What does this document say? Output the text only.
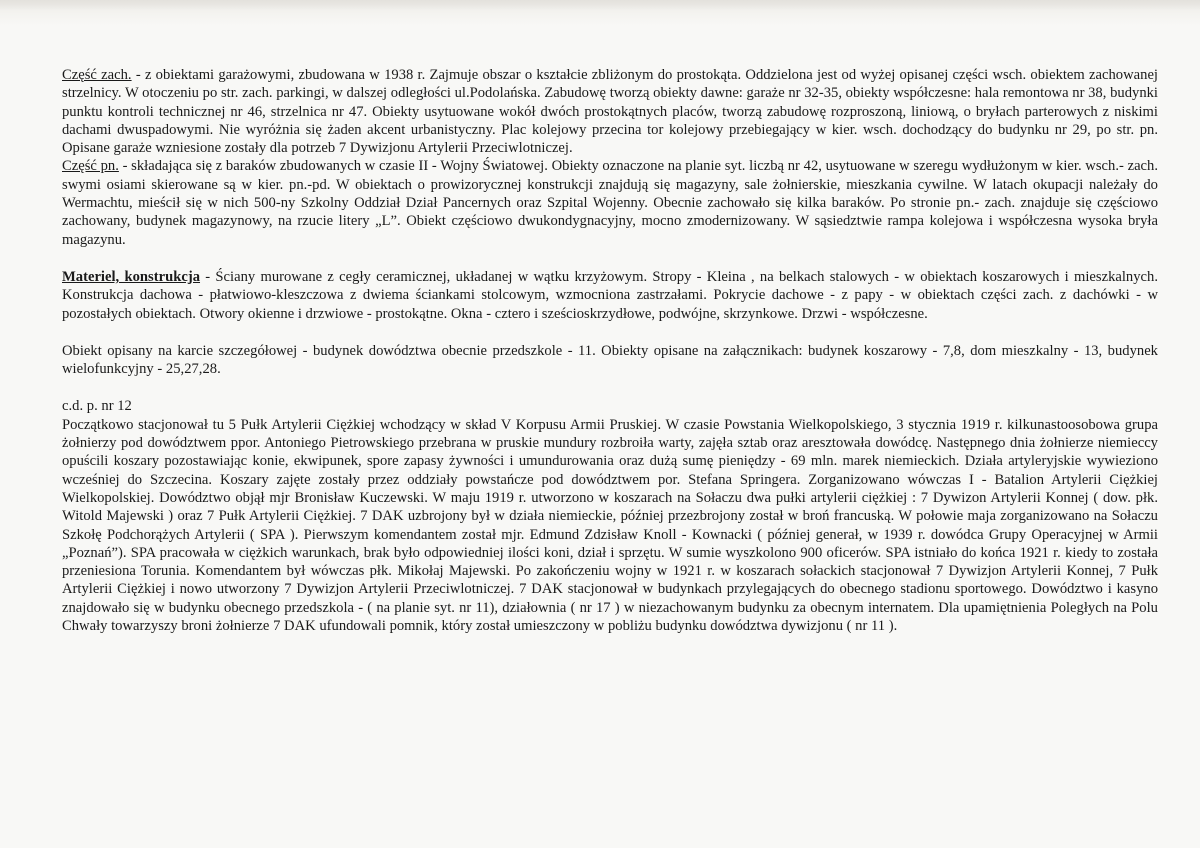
Część zach. - z obiektami garażowymi, zbudowana w 1938 r. Zajmuje obszar o kształcie zbliżonym do prostokąta. Oddzielona jest od wyżej opisanej części wsch. obiektem zachowanej strzelnicy. W otoczeniu po str. zach. parkingi, w dalszej odległości ul.Podolańska. Zabudowę tworzą obiekty dawne: garaże nr 32-35, obiekty współczesne: hala remontowa nr 38, budynki punktu kontroli technicznej nr 46, strzelnica nr 47. Obiekty usytuowane wokół dwóch prostokątnych placów, tworzą zabudowę rozproszoną, liniową, o bryłach parterowych z niskimi dachami dwuspadowymi. Nie wyróżnia się żaden akcent urbanistyczny. Plac kolejowy przecina tor kolejowy przebiegający w kier. wsch. dochodzący do budynku nr 29, po str. pn. Opisane garaże wzniesione zostały dla potrzeb 7 Dywizjonu Artylerii Przeciwlotniczej.

Część pn. - składająca się z baraków zbudowanych w czasie II - Wojny Światowej. Obiekty oznaczone na planie syt. liczbą nr 42, usytuowane w szeregu wydłużonym w kier. wsch.- zach. swymi osiami skierowane są w kier. pn.-pd. W obiektach o prowizorycznej konstrukcji znajdują się magazyny, sale żołnierskie, mieszkania cywilne. W latach okupacji należały do Wermachtu, mieścił się w nich 500-ny Szkolny Oddział Dział Pancernych oraz Szpital Wojenny. Obecnie zachowało się kilka baraków. Po stronie pn.- zach. znajduje się częściowo zachowany, budynek magazynowy, na rzucie litery „L”. Obiekt częściowo dwukondygnacyjny, mocno zmodernizowany. W sąsiedztwie rampa kolejowa i współczesna wysoka bryła magazynu.

Materiel, konstrukcja - Ściany murowane z cegły ceramicznej, układanej w wątku krzyżowym. Stropy - Kleina , na belkach stalowych - w obiektach koszarowych i mieszkalnych. Konstrukcja dachowa - płatwiowo-kleszczowa z dwiema ściankami stolcowym, wzmocniona zastrzałami. Pokrycie dachowe - z papy - w obiektach części zach. z dachówki - w pozostałych obiektach. Otwory okienne i drzwiowe - prostokątne. Okna - cztero i sześcioskrzydłowe, podwójne, skrzynkowe. Drzwi - współczesne.

Obiekt opisany na karcie szczegółowej - budynek dowództwa obecnie przedszkole - 11. Obiekty opisane na załącznikach: budynek koszarowy - 7,8, dom mieszkalny - 13, budynek wielofunkcyjny - 25,27,28.

c.d. p. nr 12

Początkowo stacjonował tu 5 Pułk Artylerii Ciężkiej wchodzący w skład V Korpusu Armii Pruskiej. W czasie Powstania Wielkopolskiego, 3 stycznia 1919 r. kilkunastoosobowa grupa żołnierzy pod dowództwem ppor. Antoniego Pietrowskiego przebrana w pruskie mundury rozbroiła warty, zajęła sztab oraz aresztowała dowódcę. Następnego dnia żołnierze niemieccy opuścili koszary pozostawiając konie, ekwipunek, spore zapasy żywności i umundurowania oraz dużą sumę pieniędzy - 69 mln. marek niemieckich. Działa artyleryjskie wywieziono wcześniej do Szczecina. Koszary zajęte zostały przez oddziały powstańcze pod dowództwem por. Stefana Springera. Zorganizowano wówczas I - Batalion Artylerii Ciężkiej Wielkopolskiej. Dowództwo objął mjr Bronisław Kuczewski. W maju 1919 r. utworzono w koszarach na Sołaczu dwa pułki artylerii ciężkiej : 7 Dywizon Artylerii Konnej ( dow. płk. Witold Majewski ) oraz 7 Pułk Artylerii Ciężkiej. 7 DAK uzbrojony był w działa niemieckie, później przezbrojony został w broń francuską. W połowie maja zorganizowano na Sołaczu Szkołę Podchorążych Artylerii ( SPA ). Pierwszym komendantem został mjr. Edmund Zdzisław Knoll - Kownacki ( później generał, w 1939 r. dowódca Grupy Operacyjnej w Armii „Poznań”). SPA pracowała w ciężkich warunkach, brak było odpowiedniej ilości koni, dział i sprzętu. W sumie wyszkolono 900 oficerów. SPA istniało do końca 1921 r. kiedy to została przeniesiona Torunia. Komendantem był wówczas płk. Mikołaj Majewski. Po zakończeniu wojny w 1921 r. w koszarach sołackich stacjonował 7 Dywizjon Artylerii Konnej, 7 Pułk Artylerii Ciężkiej i nowo utworzony 7 Dywizjon Artylerii Przeciwlotniczej. 7 DAK stacjonował w budynkach przylegających do obecnego stadionu sportowego. Dowództwo i kasyno znajdowało się w budynku obecnego przedszkola - ( na planie syt. nr 11), działownia ( nr 17 ) w niezachowanym budynku za obecnym internatem. Dla upamiętnienia Poległych na Polu Chwały towarzyszy broni żołnierze 7 DAK ufundowali pomnik, który został umieszczony w pobliżu budynku dowództwa dywizjonu ( nr 11 ).
